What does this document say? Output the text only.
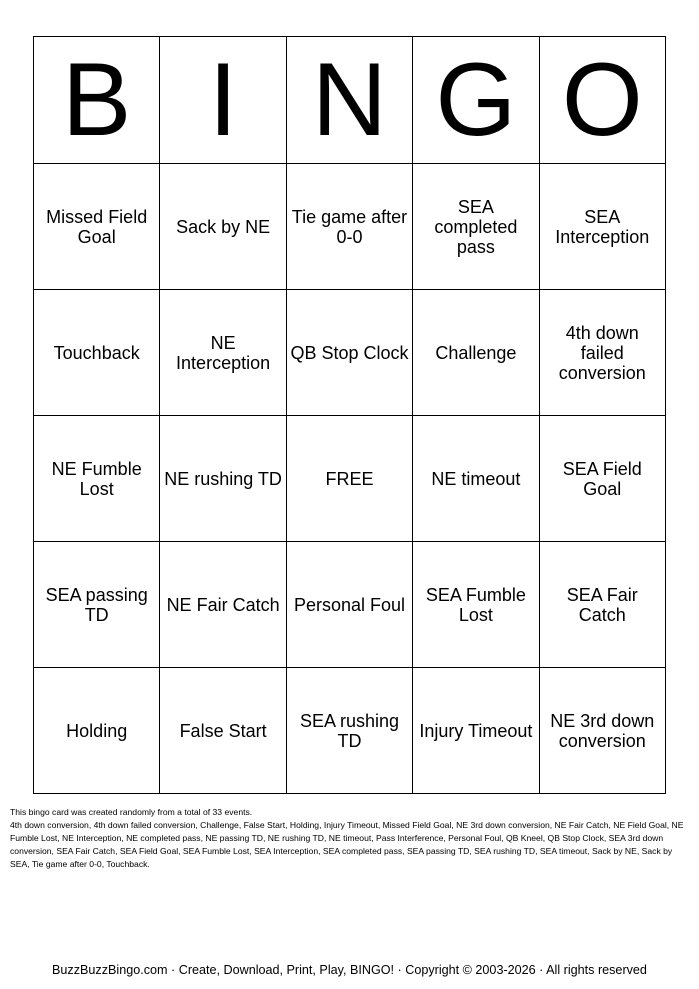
B	I	N	G	O

Missed Field Goal	Sack by NE	Tie game after 0-0	SEA completed pass	SEA Interception

Touchback	NE Interception	QB Stop Clock	Challenge	4th down failed conversion

NE Fumble Lost	NE rushing TD	FREE	NE timeout	SEA Field Goal

SEA passing TD	NE Fair Catch	Personal Foul	SEA Fumble Lost	SEA Fair Catch

Holding	False Start	SEA rushing TD	Injury Timeout	NE 3rd down conversion

This bingo card was created randomly from a total of 33 events.

4th down conversion, 4th down failed conversion, Challenge, False Start, Holding, Injury Timeout, Missed Field Goal, NE 3rd down conversion, NE Fair Catch, NE Field Goal, NE Fumble Lost, NE Interception, NE completed pass, NE passing TD, NE rushing TD, NE timeout, Pass Interference, Personal Foul, QB Kneel, QB Stop Clock, SEA 3rd down conversion, SEA Fair Catch, SEA Field Goal, SEA Fumble Lost, SEA Interception, SEA completed pass, SEA passing TD, SEA rushing TD, SEA timeout, Sack by NE, Sack by SEA, Tie game after 0-0, Touchback.

BuzzBuzzBingo.com · Create, Download, Print, Play, BINGO! · Copyright © 2003-2026 · All rights reserved
